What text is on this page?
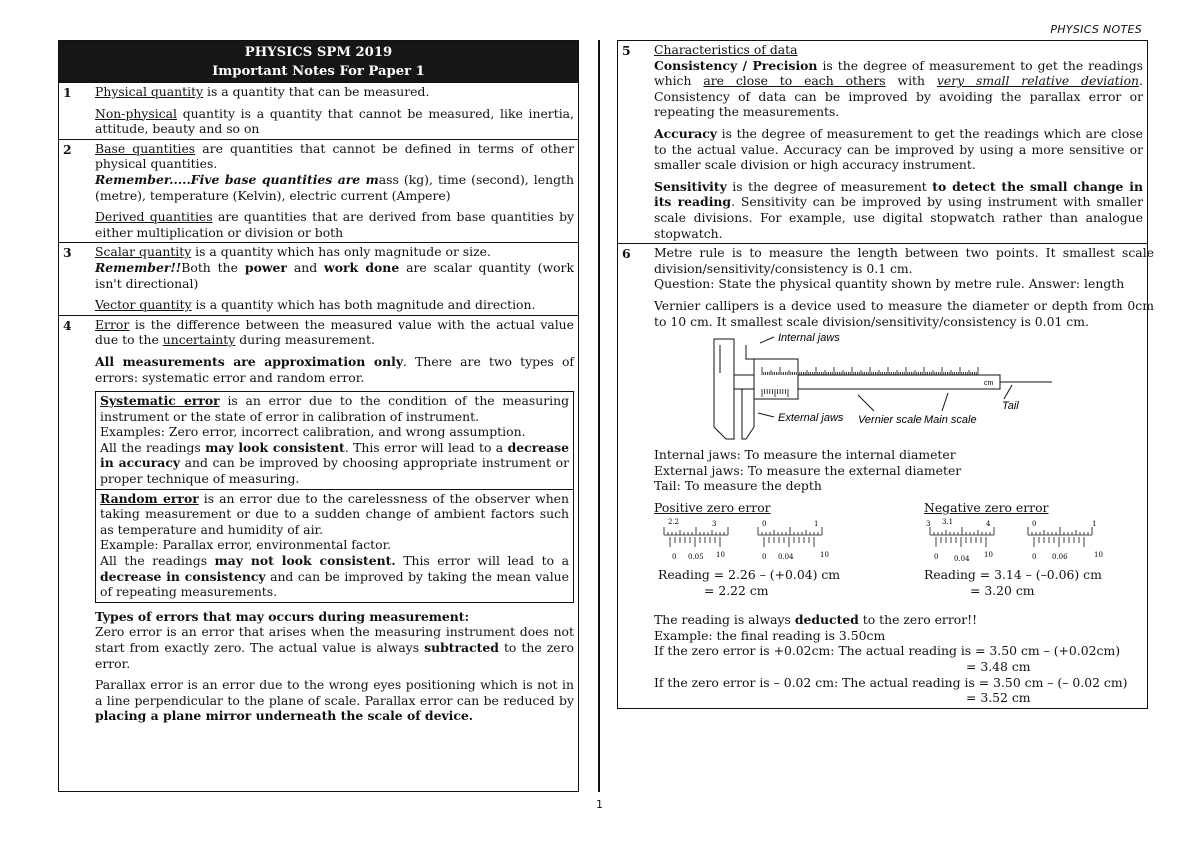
PHYSICS NOTES
PHYSICS SPM 2019
Important Notes For Paper 1
1	Physical quantity is a quantity that can be measured.

Non-physical quantity is a quantity that cannot be measured, like inertia, attitude, beauty and so on

2	Base quantities are quantities that cannot be defined in terms of other physical quantities.

Remember.....Five base quantities are mass (kg), time (second), length (metre), temperature (Kelvin), electric current (Ampere)

Derived quantities are quantities that are derived from base quantities by either multiplication or division or both

3	Scalar quantity is a quantity which has only magnitude or size.

Remember!!Both the power and work done are scalar quantity (work isn't directional)

Vector quantity is a quantity which has both magnitude and direction.

4	Error is the difference between the measured value with the actual value due to the uncertainty during measurement.

All measurements are approximation only. There are two types of errors: systematic error and random error.

Systematic error is an error due to the condition of the measuring instrument or the state of error in calibration of instrument.
Examples: Zero error, incorrect calibration, and wrong assumption.
All the readings may look consistent. This error will lead to a decrease in accuracy and can be improved by choosing appropriate instrument or proper technique of measuring.
Random error is an error due to the carelessness of the observer when taking measurement or due to a sudden change of ambient factors such as temperature and humidity of air.
Example: Parallax error, environmental factor.
All the readings may not look consistent. This error will lead to a decrease in consistency and can be improved by taking the mean value of repeating measurements.

Types of errors that may occurs during measurement:
Zero error is an error that arises when the measuring instrument does not start from exactly zero. The actual value is always subtracted to the zero error.

Parallax error is an error due to the wrong eyes positioning which is not in a line perpendicular to the plane of scale. Parallax error can be reduced by placing a plane mirror underneath the scale of device.

5	Characteristics of data

Consistency / Precision is the degree of measurement to get the readings which are close to each others with very small relative deviation. Consistency of data can be improved by avoiding the parallax error or repeating the measurements.

Accuracy is the degree of measurement to get the readings which are close to the actual value. Accuracy can be improved by using a more sensitive or smaller scale division or high accuracy instrument.

Sensitivity is the degree of measurement to detect the small change in its reading. Sensitivity can be improved by using instrument with smaller scale divisions. For example, use digital stopwatch rather than analogue stopwatch.

6	Metre rule is to measure the length between two points. It smallest scale division/sensitivity/consistency is 0.1 cm.

Question: State the physical quantity shown by metre rule. Answer: length

Vernier callipers is a device used to measure the diameter or depth from 0cm to 10 cm. It smallest scale division/sensitivity/consistency is 0.01 cm.

Internal jaws
External jaws Vernier scale Main scale
Tail
cm

Internal jaws: To measure the internal diameter
External jaws: To measure the external diameter
Tail: To measure the depth

Positive zero error
2.2	3
0 0.05 10
0	1
0 0.04	10
Reading = 2.26 – (+0.04) cm
= 2.22 cm
Negative zero error
3 3.1	4
0 0.04 10
0	1
0 0.06	10
Reading = 3.14 – (–0.06) cm
= 3.20 cm

The reading is always deducted to the zero error!!
Example: the final reading is 3.50cm
If the zero error is +0.02cm: The actual reading is = 3.50 cm – (+0.02cm)
= 3.48 cm
If the zero error is – 0.02 cm: The actual reading is = 3.50 cm – (– 0.02 cm)
= 3.52 cm

1
